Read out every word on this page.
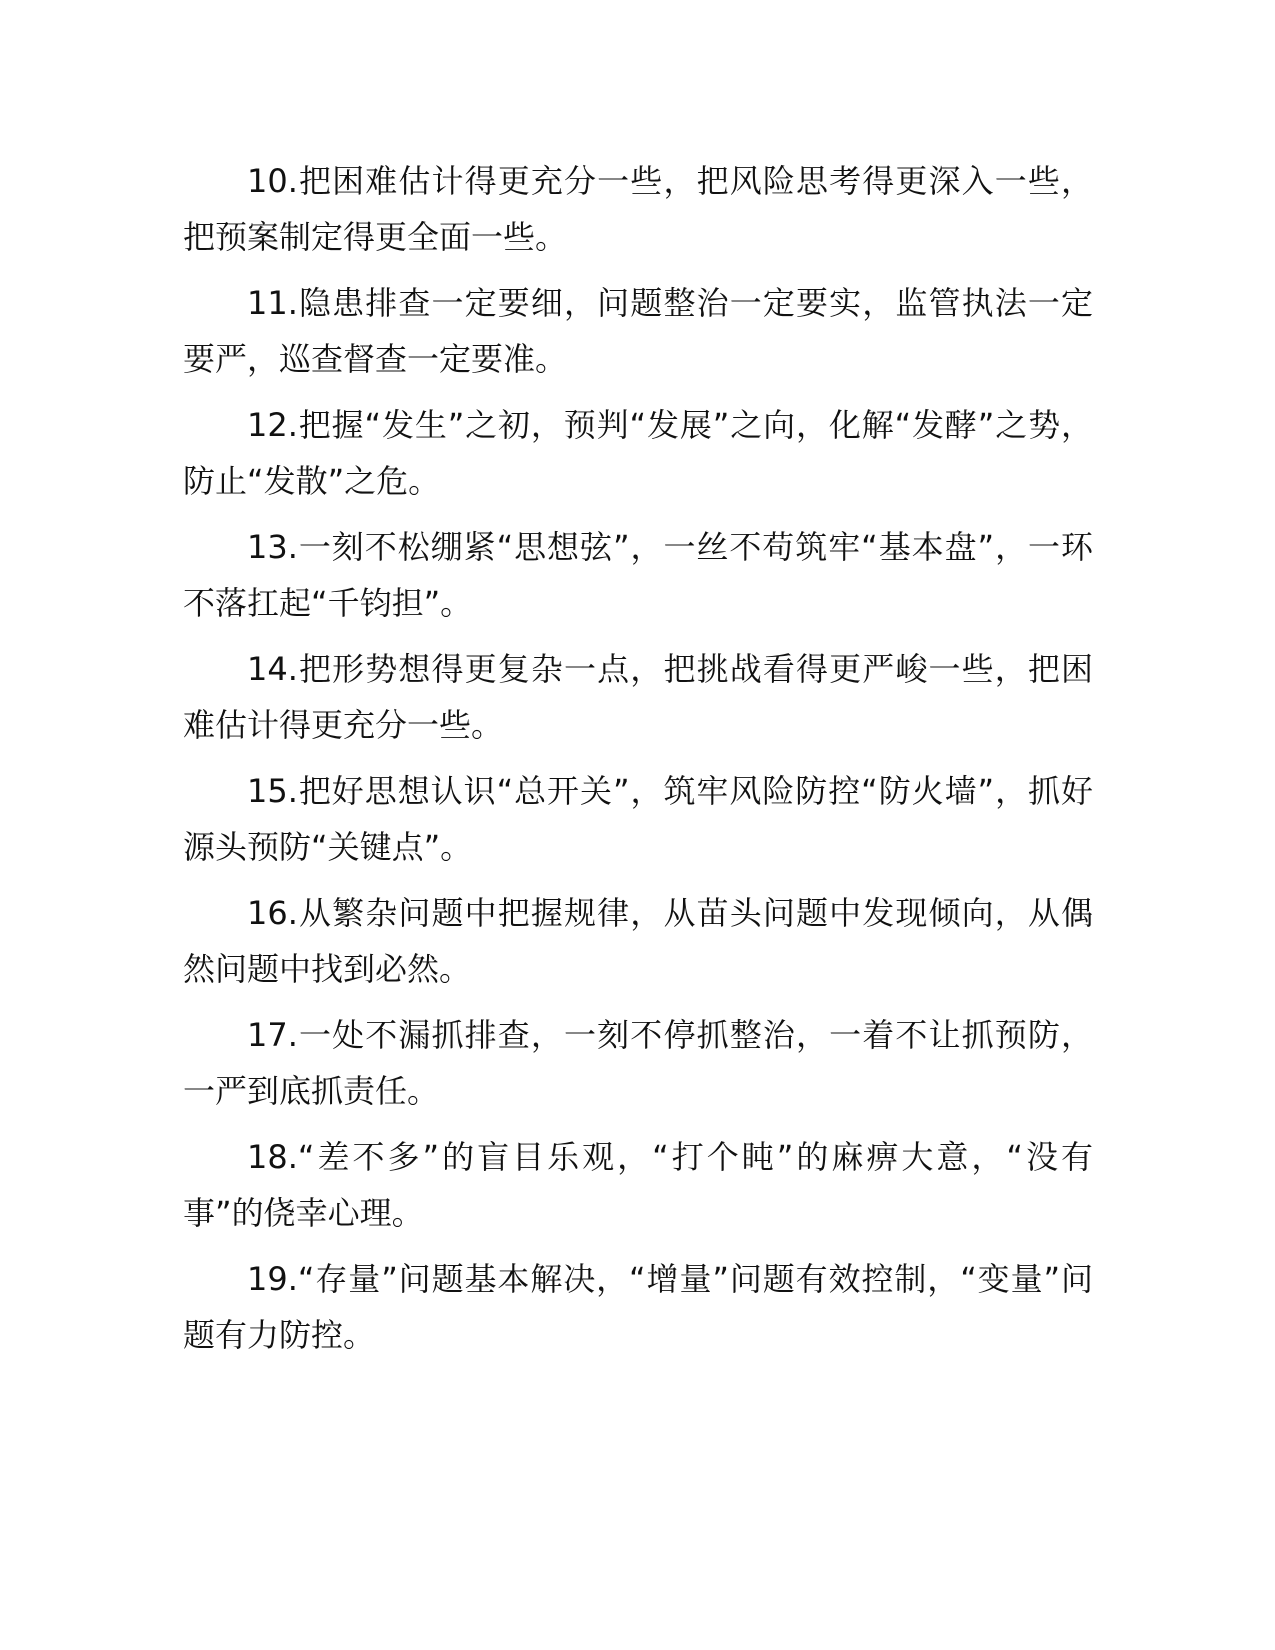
10.把困难估计得更充分一些，把风险思考得更深入一些，把预案制定得更全面一些。

11.隐患排查一定要细，问题整治一定要实，监管执法一定要严，巡查督查一定要准。

12.把握“发生”之初，预判“发展”之向，化解“发酵”之势，防止“发散”之危。

13.一刻不松绷紧“思想弦”，一丝不苟筑牢“基本盘”，一环不落扛起“千钧担”。

14.把形势想得更复杂一点，把挑战看得更严峻一些，把困难估计得更充分一些。

15.把好思想认识“总开关”，筑牢风险防控“防火墙”，抓好源头预防“关键点”。

16.从繁杂问题中把握规律，从苗头问题中发现倾向，从偶然问题中找到必然。

17.一处不漏抓排查，一刻不停抓整治，一着不让抓预防，一严到底抓责任。

18.“差不多”的盲目乐观，“打个盹”的麻痹大意，“没有事”的侥幸心理。

19.“存量”问题基本解决，“增量”问题有效控制，“变量”问题有力防控。
